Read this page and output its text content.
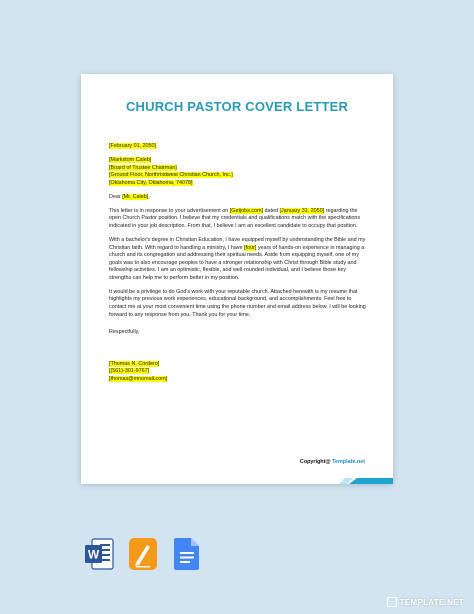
CHURCH PASTOR COVER LETTER

[February 01, 2050]

[Markstom Caleb]

[Board of Trustee Chairman]

[Ground Floor, Northmidwest Christian Church, Inc.]

[Oklahoma City, Oklahoma, 74078]

Dear [Mr. Caleb],

This letter is in response to your advertisement on [Getjobs.com] dated [January 31, 2050] regarding the open Church Pastor position. I believe that my credentials and qualifications match with the specifications indicated in your job description. From that, I believe I am an excellent candidate to occupy that position.

With a bachelor's degree in Christian Education, I have equipped myself by understanding the Bible and my Christian faith. With regard to handling a ministry, I have [four] years of hands-on experience in managing a church and its congregation and addressing their spiritual needs. Aside from equipping myself, one of my goals was to also encourage peoples to have a stronger relationship with Christ through Bible study and fellowship activities. I am an optimistic, flexible, and well-rounded individual, and I believe those key strengths can help me to perform better in my position.

It would be a privilege to do God's work with your reputable church. Attached herewith is my resume that highlights my previous work experiences, educational background, and accomplishments. Feel free to contact me at your most convenient time using the phone number and email address below. I will be looking forward to any response from you. Thank you for your time.

Respectfully,

[Thomas N. Cordero]

[(561)-301-9767]

[thomas@mnomail.com]

Copyright@ Template.net
W
TEMPLATE.NET
